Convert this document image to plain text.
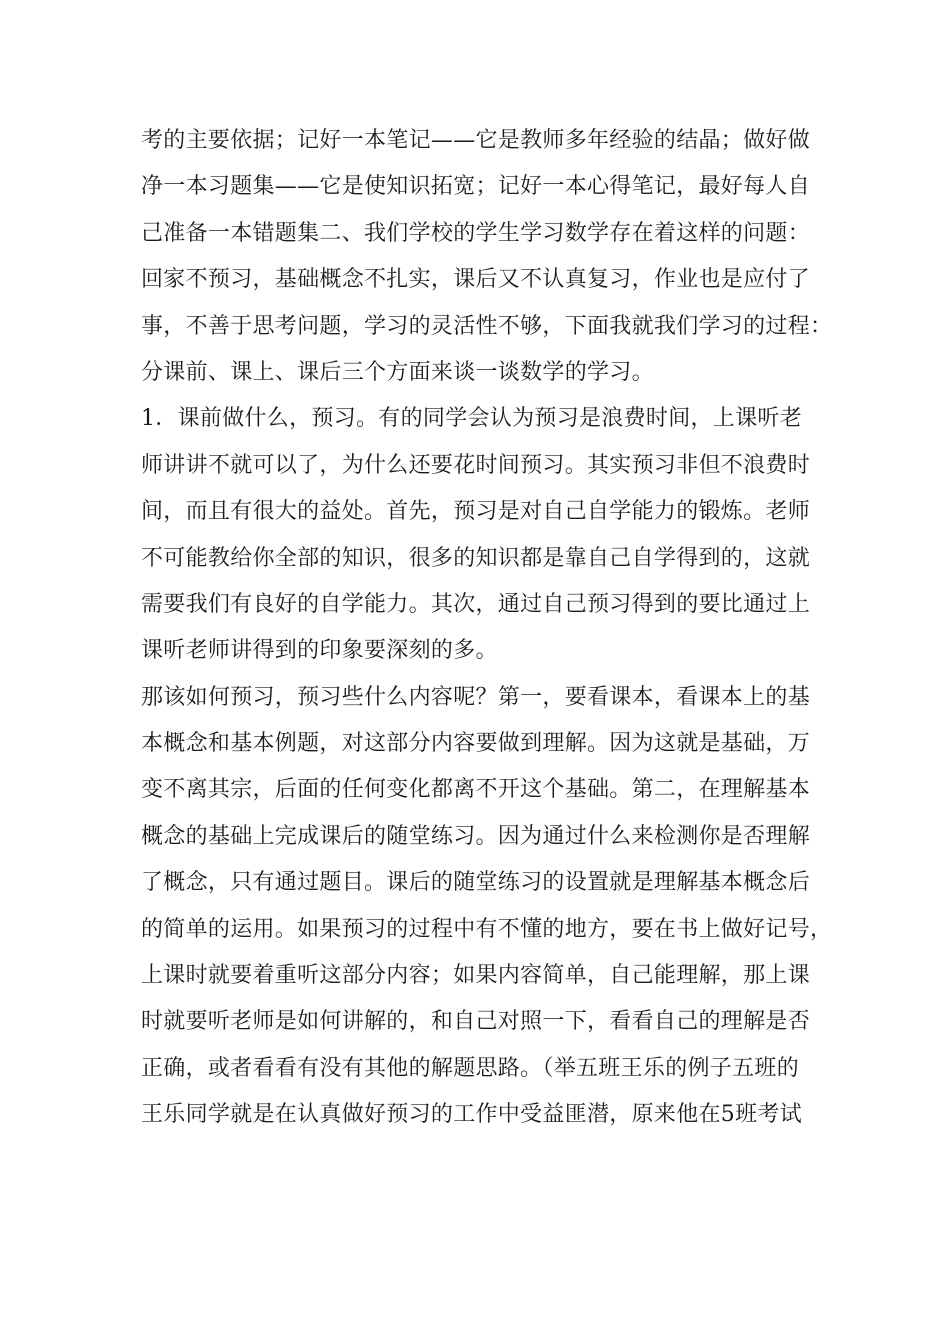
考的主要依据；记好一本笔记——它是教师多年经验的结晶；做好做
净一本习题集——它是使知识拓宽；记好一本心得笔记，最好每人自
己准备一本错题集二、我们学校的学生学习数学存在着这样的问题：
回家不预习，基础概念不扎实，课后又不认真复习，作业也是应付了
事，不善于思考问题，学习的灵活性不够，下面我就我们学习的过程：
分课前、课上、课后三个方面来谈一谈数学的学习。
1．课前做什么，预习。有的同学会认为预习是浪费时间，上课听老
师讲讲不就可以了，为什么还要花时间预习。其实预习非但不浪费时
间，而且有很大的益处。首先，预习是对自己自学能力的锻炼。老师
不可能教给你全部的知识，很多的知识都是靠自己自学得到的，这就
需要我们有良好的自学能力。其次，通过自己预习得到的要比通过上
课听老师讲得到的印象要深刻的多。
那该如何预习，预习些什么内容呢？第一，要看课本，看课本上的基
本概念和基本例题，对这部分内容要做到理解。因为这就是基础，万
变不离其宗，后面的任何变化都离不开这个基础。第二，在理解基本
概念的基础上完成课后的随堂练习。因为通过什么来检测你是否理解
了概念，只有通过题目。课后的随堂练习的设置就是理解基本概念后
的简单的运用。如果预习的过程中有不懂的地方，要在书上做好记号，
上课时就要着重听这部分内容；如果内容简单，自己能理解，那上课
时就要听老师是如何讲解的，和自己对照一下，看看自己的理解是否
正确，或者看看有没有其他的解题思路。（举五班王乐的例子五班的
王乐同学就是在认真做好预习的工作中受益匪潜，原来他在5班考试
